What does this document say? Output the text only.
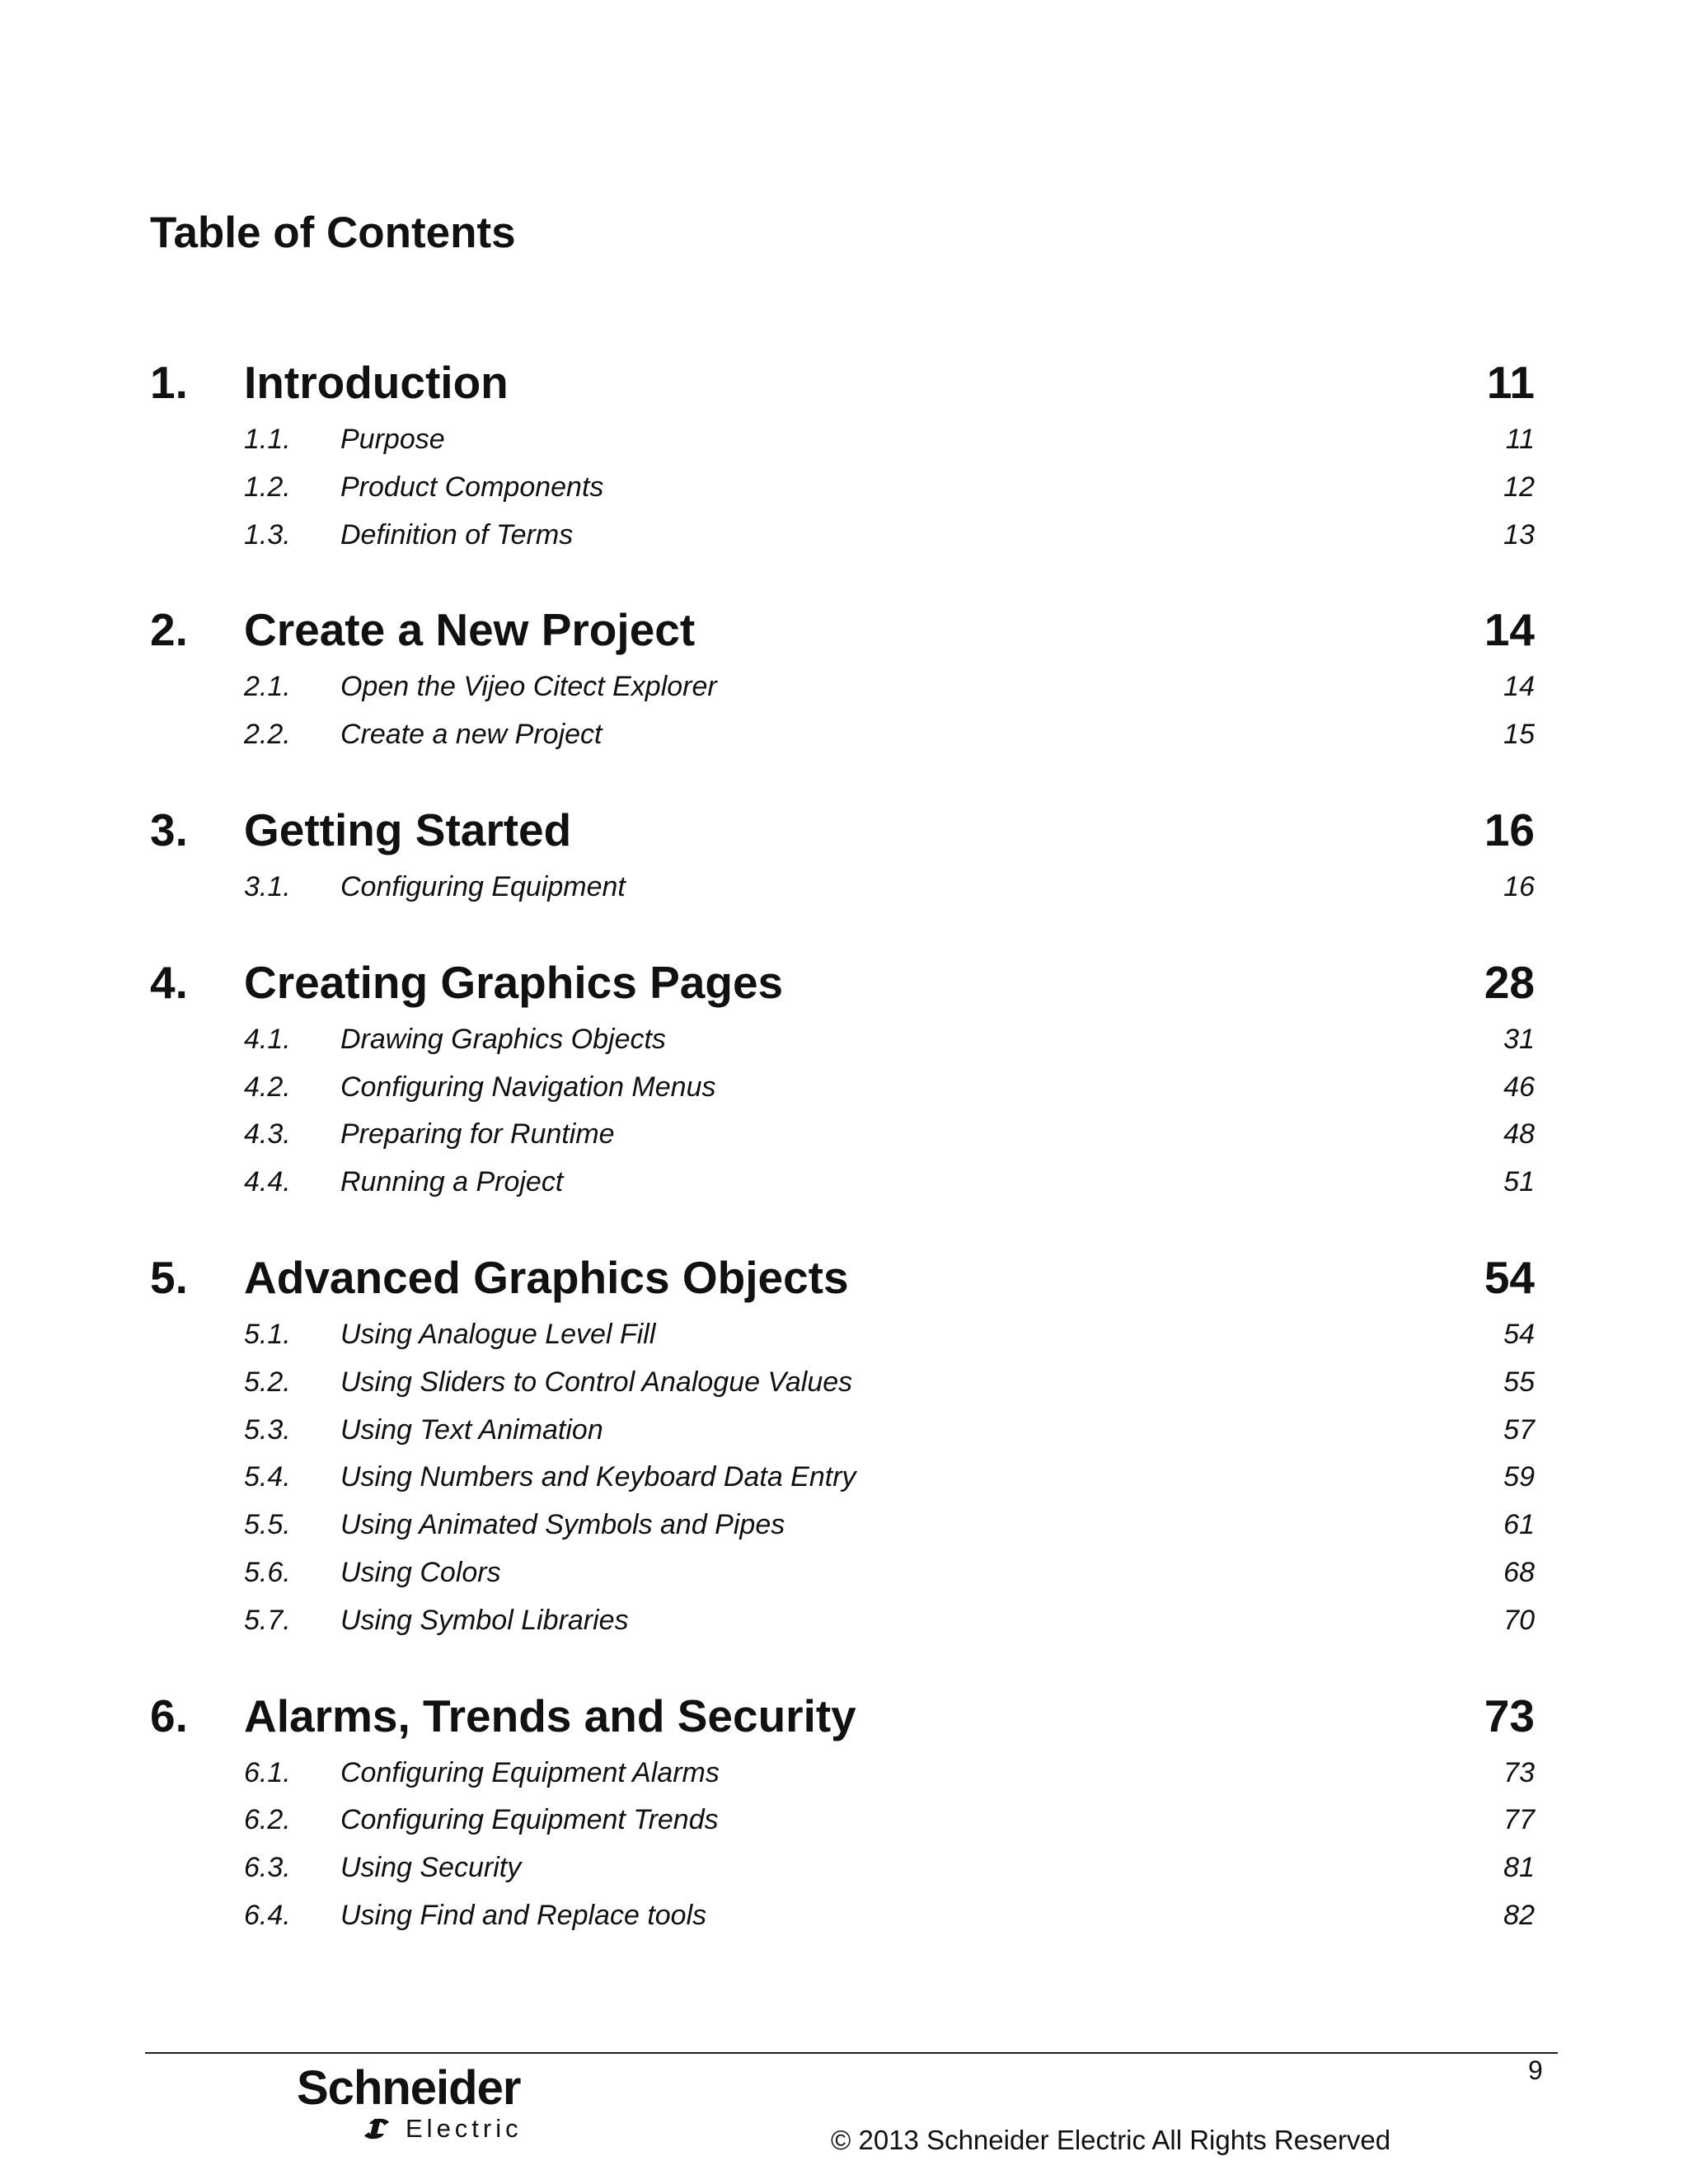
Table of Contents
1. Introduction	11
1.1. Purpose	11
1.2. Product Components	12
1.3. Definition of Terms	13
2. Create a New Project	14
2.1. Open the Vijeo Citect Explorer	14
2.2. Create a new Project	15
3. Getting Started	16
3.1. Configuring Equipment	16
4. Creating Graphics Pages	28
4.1. Drawing Graphics Objects	31
4.2. Configuring Navigation Menus	46
4.3. Preparing for Runtime	48
4.4. Running a Project	51
5. Advanced Graphics Objects	54
5.1. Using Analogue Level Fill	54
5.2. Using Sliders to Control Analogue Values	55
5.3. Using Text Animation	57
5.4. Using Numbers and Keyboard Data Entry	59
5.5. Using Animated Symbols and Pipes	61
5.6. Using Colors	68
5.7. Using Symbol Libraries	70
6. Alarms, Trends and Security	73
6.1. Configuring Equipment Alarms	73
6.2. Configuring Equipment Trends	77
6.3. Using Security	81
6.4. Using Find and Replace tools	82
9
Schneider
Electric	© 2013 Schneider Electric All Rights Reserved
